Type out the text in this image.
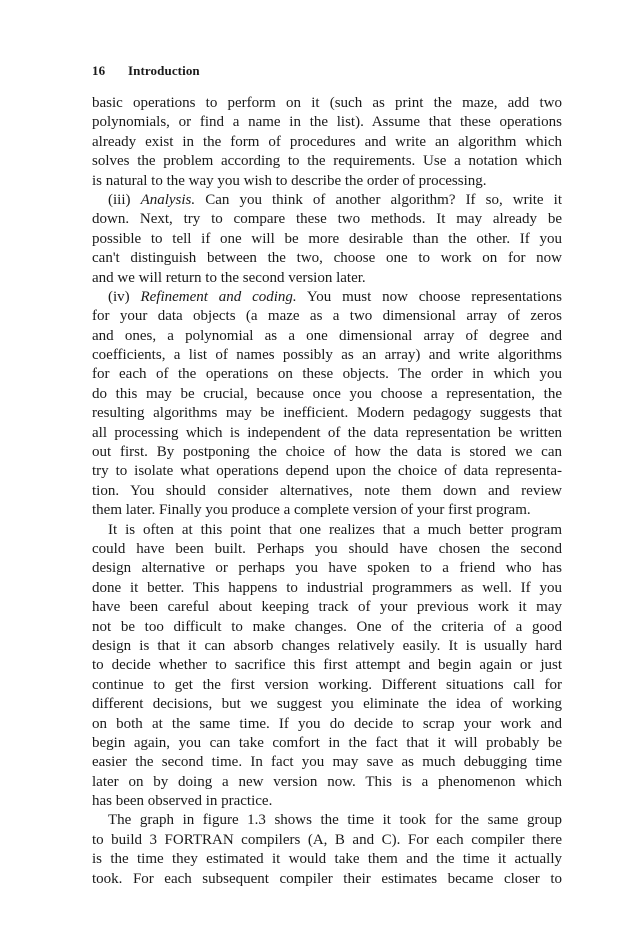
16 Introduction
basic operations to perform on it (such as print the maze, add two
polynomials, or find a name in the list). Assume that these operations
already exist in the form of procedures and write an algorithm which
solves the problem according to the requirements. Use a notation which
is natural to the way you wish to describe the order of processing.
(iii) Analysis. Can you think of another algorithm? If so, write it
down. Next, try to compare these two methods. It may already be
possible to tell if one will be more desirable than the other. If you
can't distinguish between the two, choose one to work on for now
and we will return to the second version later.
(iv) Refinement and coding. You must now choose representations
for your data objects (a maze as a two dimensional array of zeros
and ones, a polynomial as a one dimensional array of degree and
coefficients, a list of names possibly as an array) and write algorithms
for each of the operations on these objects. The order in which you
do this may be crucial, because once you choose a representation, the
resulting algorithms may be inefficient. Modern pedagogy suggests that
all processing which is independent of the data representation be written
out first. By postponing the choice of how the data is stored we can
try to isolate what operations depend upon the choice of data representa-
tion. You should consider alternatives, note them down and review
them later. Finally you produce a complete version of your first program.
It is often at this point that one realizes that a much better program
could have been built. Perhaps you should have chosen the second
design alternative or perhaps you have spoken to a friend who has
done it better. This happens to industrial programmers as well. If you
have been careful about keeping track of your previous work it may
not be too difficult to make changes. One of the criteria of a good
design is that it can absorb changes relatively easily. It is usually hard
to decide whether to sacrifice this first attempt and begin again or just
continue to get the first version working. Different situations call for
different decisions, but we suggest you eliminate the idea of working
on both at the same time. If you do decide to scrap your work and
begin again, you can take comfort in the fact that it will probably be
easier the second time. In fact you may save as much debugging time
later on by doing a new version now. This is a phenomenon which
has been observed in practice.
The graph in figure 1.3 shows the time it took for the same group
to build 3 FORTRAN compilers (A, B and C). For each compiler there
is the time they estimated it would take them and the time it actually
took. For each subsequent compiler their estimates became closer to
